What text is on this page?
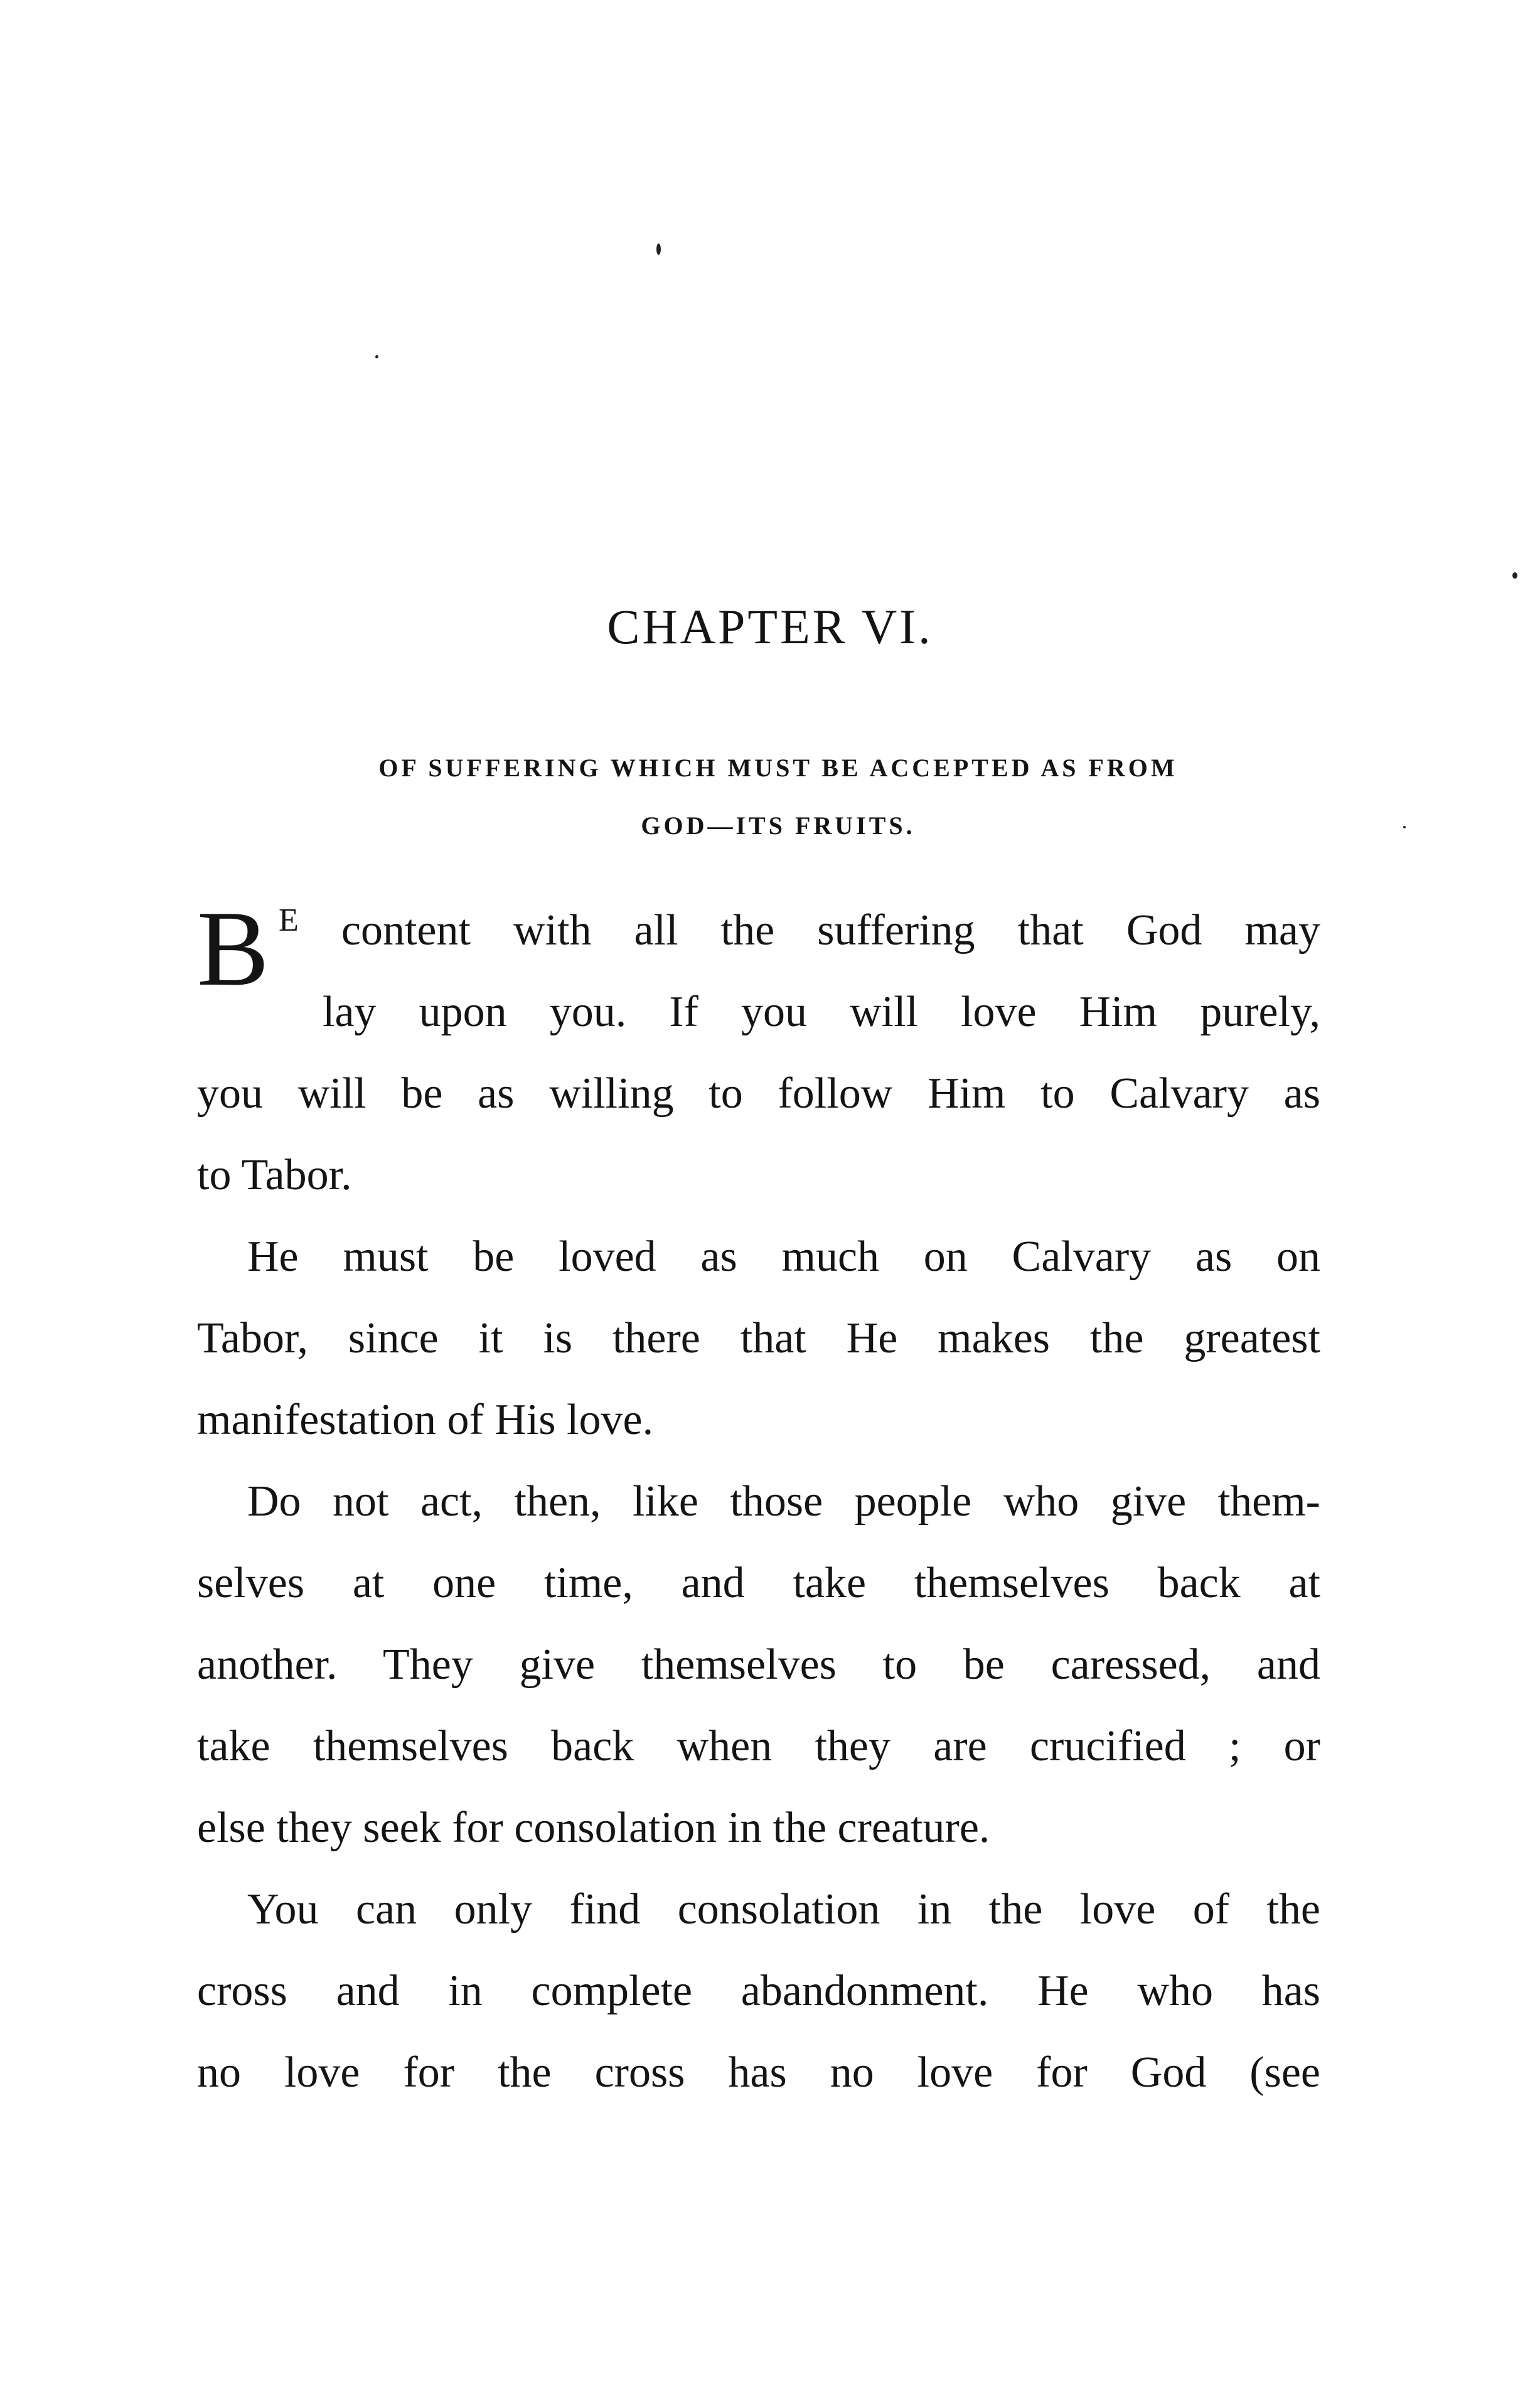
CHAPTER VI.
OF SUFFERING WHICH MUST BE ACCEPTED AS FROM
GOD—ITS FRUITS.
B $^E$ content with all the suffering that God may
lay upon you. If you will love Him purely,
you will be as willing to follow Him to Calvary as
to Tabor.
He must be loved as much on Calvary as on
Tabor, since it is there that He makes the greatest
manifestation of His love.
Do not act, then, like those people who give them-
selves at one time, and take themselves back at
another. They give themselves to be caressed, and
take themselves back when they are crucified ; or
else they seek for consolation in the creature.
You can only find consolation in the love of the
cross and in complete abandonment. He who has
no love for the cross has no love for God (see
